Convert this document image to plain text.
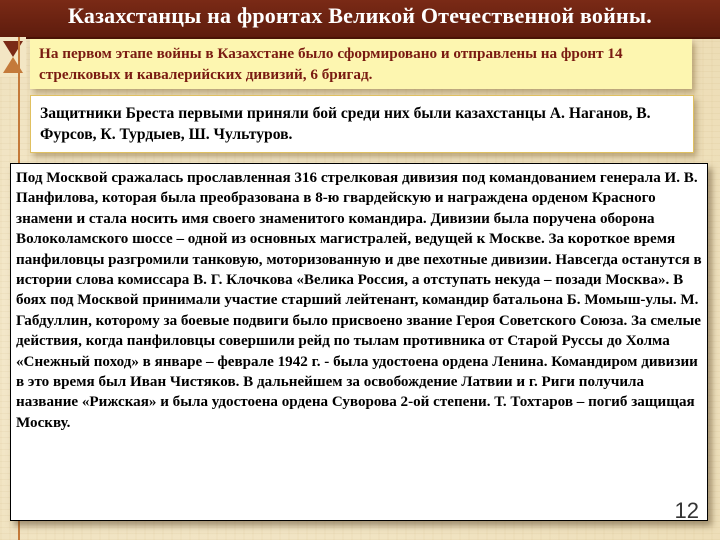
Казахстанцы на фронтах Великой Отечественной войны.

На первом этапе войны в Казахстане было сформировано и отправлены на фронт 14 стрелковых и кавалерийских дивизий, 6 бригад.

Защитники Бреста первыми приняли бой среди них были казахстанцы А. Наганов, В. Фурсов, К. Турдыев, Ш. Чультуров.

Под Москвой сражалась прославленная 316 стрелковая дивизия под командованием генерала И. В. Панфилова, которая была преобразована в 8-ю гвардейскую и награждена орденом Красного знамени и стала носить имя своего знаменитого командира. Дивизии была поручена оборона Волоколамского шоссе – одной из основных магистралей, ведущей к Москве. За короткое время панфиловцы разгромили танковую, моторизованную и две пехотные дивизии. Навсегда останутся в истории слова комиссара В. Г. Клочкова «Велика Россия, а отступать некуда – позади Москва». В боях под Москвой принимали участие старший лейтенант, командир батальона Б. Момыш-улы. М. Габдуллин, которому за боевые подвиги было присвоено звание Героя Советского Союза. За смелые действия, когда панфиловцы совершили рейд по тылам противника от Старой Руссы до Холма «Снежный поход» в январе – феврале 1942 г. - была удостоена ордена Ленина. Командиром дивизии в это время был Иван Чистяков. В дальнейшем за освобождение Латвии и г. Риги получила название «Рижская» и была удостоена ордена Суворова 2-ой степени. Т. Тохтаров – погиб защищая Москву.

12
